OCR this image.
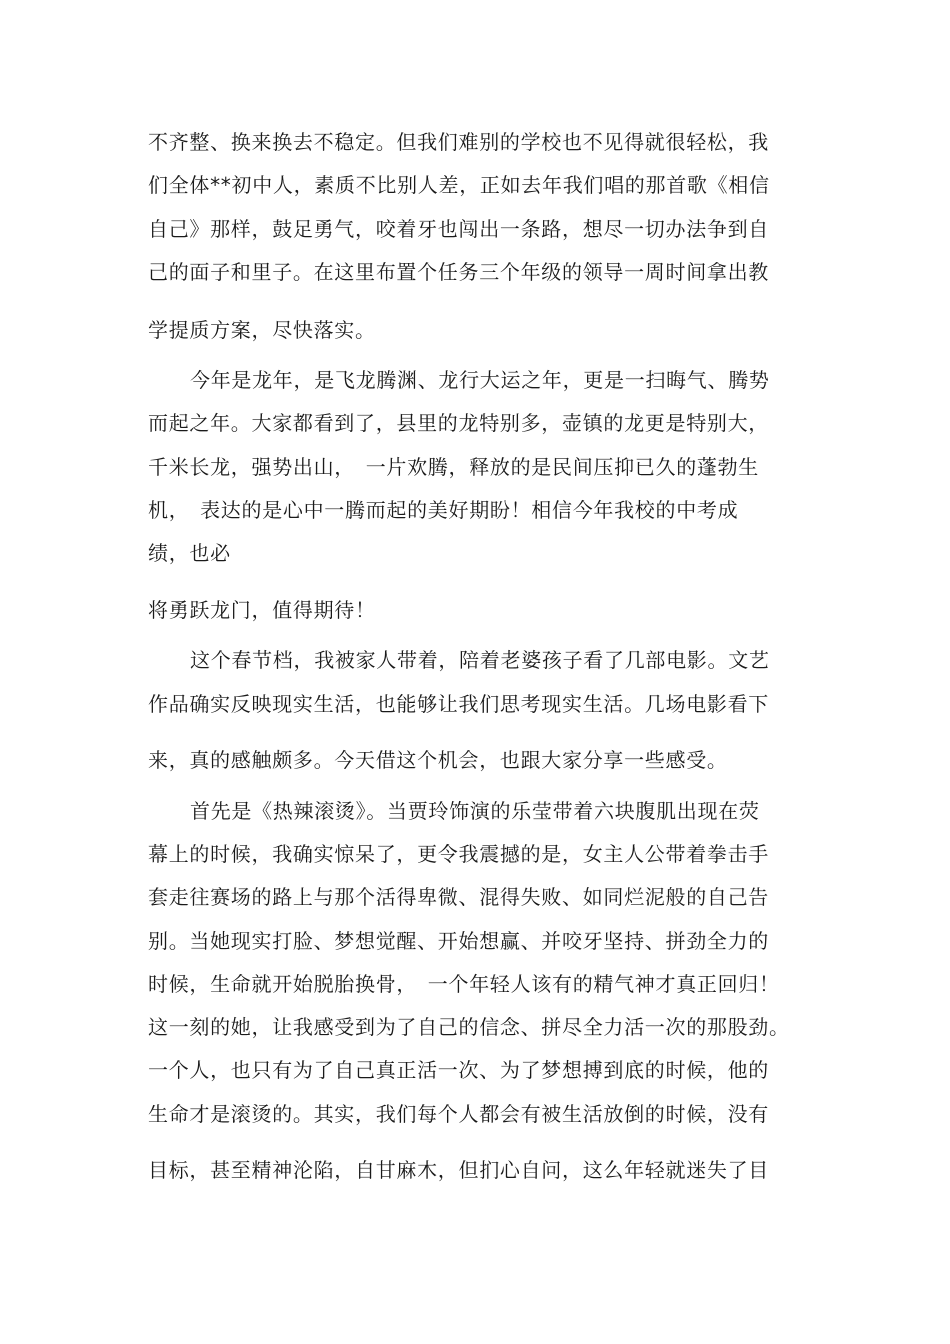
不齐整、换来换去不稳定。但我们难别的学校也不见得就很轻松，我
们全体**初中人，素质不比别人差，正如去年我们唱的那首歌《相信
自己》那样，鼓足勇气，咬着牙也闯出一条路，想尽一切办法争到自
己的面子和里子。在这里布置个任务三个年级的领导一周时间拿出教
学提质方案，尽快落实。
今年是龙年，是飞龙腾渊、龙行大运之年，更是一扫晦气、腾势
而起之年。大家都看到了，县里的龙特别多，壶镇的龙更是特别大，
千米长龙，强势出山，　一片欢腾，释放的是民间压抑已久的蓬勃生
机，　表达的是心中一腾而起的美好期盼！相信今年我校的中考成
绩，也必
将勇跃龙门，值得期待！
这个春节档，我被家人带着，陪着老婆孩子看了几部电影。文艺
作品确实反映现实生活，也能够让我们思考现实生活。几场电影看下
来，真的感触颇多。今天借这个机会，也跟大家分享一些感受。
首先是《热辣滚烫》。当贾玲饰演的乐莹带着六块腹肌出现在荧
幕上的时候，我确实惊呆了，更令我震撼的是，女主人公带着拳击手
套走往赛场的路上与那个活得卑微、混得失败、如同烂泥般的自己告
别。当她现实打脸、梦想觉醒、开始想赢、并咬牙坚持、拼劲全力的
时候，生命就开始脱胎换骨，　一个年轻人该有的精气神才真正回归！
这一刻的她，让我感受到为了自己的信念、拼尽全力活一次的那股劲。
一个人，也只有为了自己真正活一次、为了梦想搏到底的时候，他的
生命才是滚烫的。其实，我们每个人都会有被生活放倒的时候，没有
目标，甚至精神沦陷，自甘麻木，但扪心自问，这么年轻就迷失了目
